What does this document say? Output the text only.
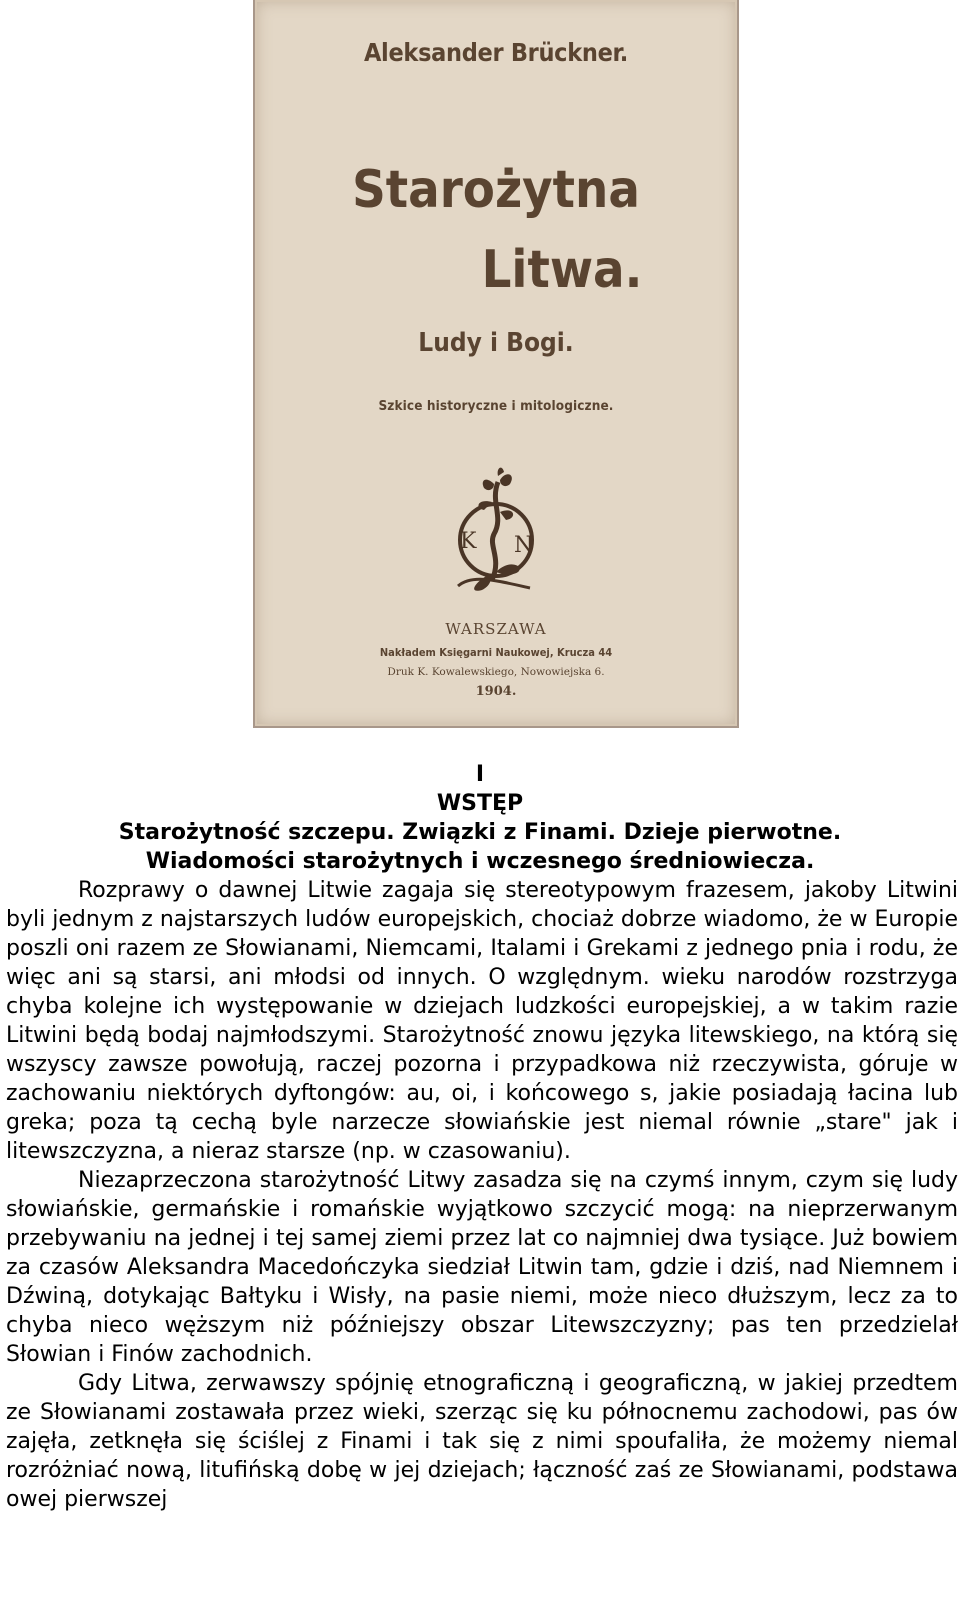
Aleksander Brückner.
Starożytna
Litwa.
Ludy i Bogi.
Szkice historyczne i mitologiczne.
K N
WARSZAWA
Nakładem Księgarni Naukowej, Krucza 44
Druk K. Kowalewskiego, Nowowiejska 6.
1904.
I
WSTĘP
Starożytność szczepu. Związki z Finami. Dzieje pierwotne.
Wiadomości starożytnych i wczesnego średniowiecza.

Rozprawy o dawnej Litwie zagaja się stereotypowym frazesem, jakoby Litwini byli jednym z najstarszych ludów europejskich, chociaż dobrze wiadomo, że w Europie poszli oni razem ze Słowianami, Niemcami, Italami i Grekami z jednego pnia i rodu, że więc ani są starsi, ani młodsi od innych. O względnym. wieku narodów rozstrzyga chyba kolejne ich występowanie w dziejach ludzkości europejskiej, a w takim razie Litwini będą bodaj najmłodszymi. Starożytność znowu języka litewskiego, na którą się wszyscy zawsze powołują, raczej pozorna i przypadkowa niż rzeczywista, góruje w zachowaniu niektórych dyftongów: au, oi, i końcowego s, jakie posiadają łacina lub greka; poza tą cechą byle narzecze słowiańskie jest niemal równie „stare" jak i litewszczyzna, a nieraz starsze (np. w czasowaniu).

Niezaprzeczona starożytność Litwy zasadza się na czymś innym, czym się ludy słowiańskie, germańskie i romańskie wyjątkowo szczycić mogą: na nieprzerwanym przebywaniu na jednej i tej samej ziemi przez lat co najmniej dwa tysiące. Już bowiem za czasów Aleksandra Macedończyka siedział Litwin tam, gdzie i dziś, nad Niemnem i Dźwiną, dotykając Bałtyku i Wisły, na pasie niemi, może nieco dłuższym, lecz za to chyba nieco węższym niż późniejszy obszar Litewszczyzny; pas ten przedzielał Słowian i Finów zachodnich.

Gdy Litwa, zerwawszy spójnię etnograficzną i geograficzną, w jakiej przedtem ze Słowianami zostawała przez wieki, szerząc się ku północnemu zachodowi, pas ów zajęła, zetknęła się ściślej z Finami i tak się z nimi spoufaliła, że możemy niemal rozróżniać nową, litufińską dobę w jej dziejach; łączność zaś ze Słowianami, podstawa owej pierwszej
